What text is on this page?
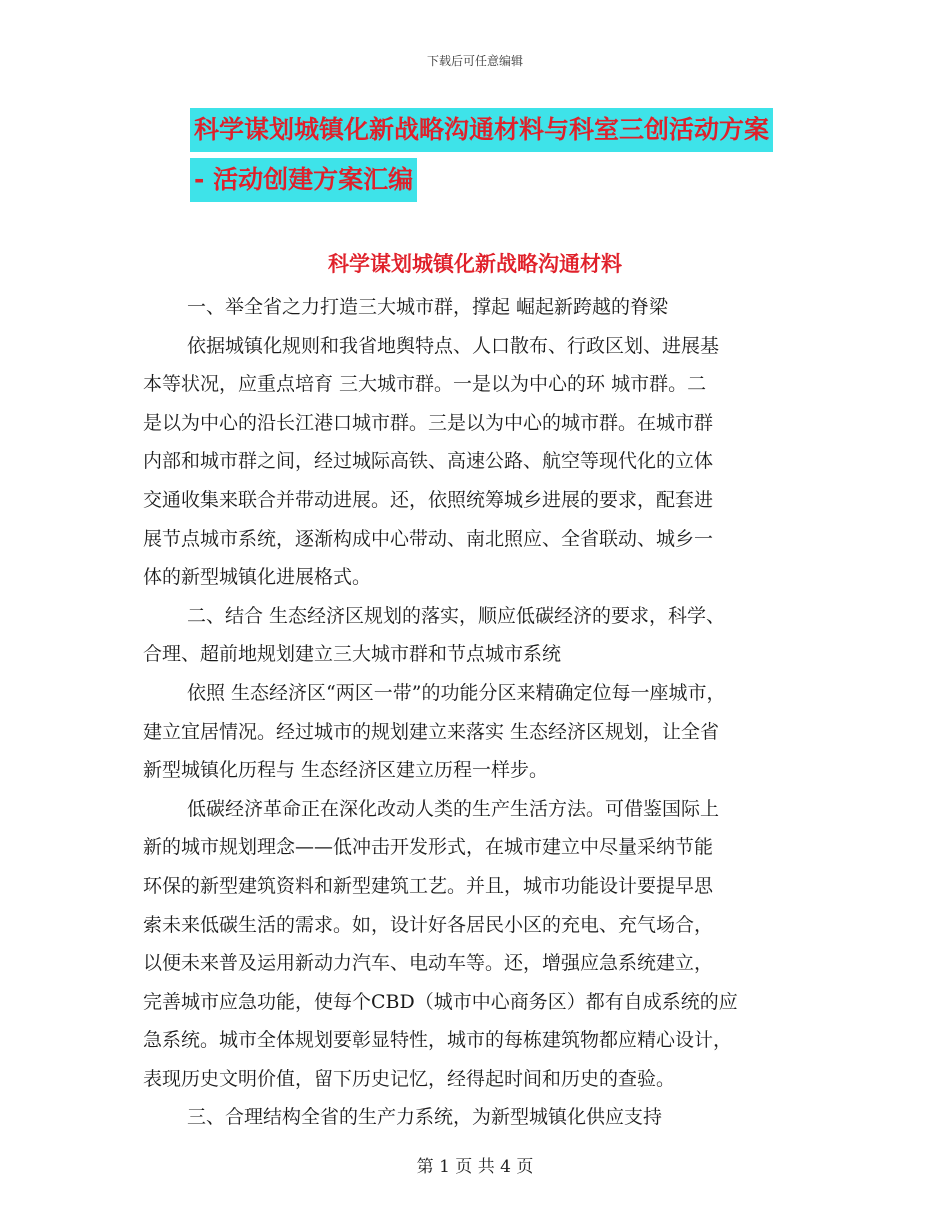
下载后可任意编辑
科学谋划城镇化新战略沟通材料与科室三创活动方案
- 活动创建方案汇编
科学谋划城镇化新战略沟通材料
一、举全省之力打造三大城市群，撑起 崛起新跨越的脊梁
依据城镇化规则和我省地舆特点、人口散布、行政区划、进展基
本等状况，应重点培育 三大城市群。一是以为中心的环 城市群。二
是以为中心的沿长江港口城市群。三是以为中心的城市群。在城市群
内部和城市群之间，经过城际高铁、高速公路、航空等现代化的立体
交通收集来联合并带动进展。还，依照统筹城乡进展的要求，配套进
展节点城市系统，逐渐构成中心带动、南北照应、全省联动、城乡一
体的新型城镇化进展格式。
二、结合 生态经济区规划的落实，顺应低碳经济的要求，科学、
合理、超前地规划建立三大城市群和节点城市系统
依照 生态经济区“两区一带”的功能分区来精确定位每一座城市，
建立宜居情况。经过城市的规划建立来落实 生态经济区规划，让全省
新型城镇化历程与 生态经济区建立历程一样步。
低碳经济革命正在深化改动人类的生产生活方法。可借鉴国际上
新的城市规划理念——低冲击开发形式，在城市建立中尽量采纳节能
环保的新型建筑资料和新型建筑工艺。并且，城市功能设计要提早思
索未来低碳生活的需求。如，设计好各居民小区的充电、充气场合，
以便未来普及运用新动力汽车、电动车等。还，增强应急系统建立，
完善城市应急功能，使每个CBD（城市中心商务区）都有自成系统的应
急系统。城市全体规划要彰显特性，城市的每栋建筑物都应精心设计，
表现历史文明价值，留下历史记忆，经得起时间和历史的查验。
三、合理结构全省的生产力系统，为新型城镇化供应支持
第 1 页 共 4 页
